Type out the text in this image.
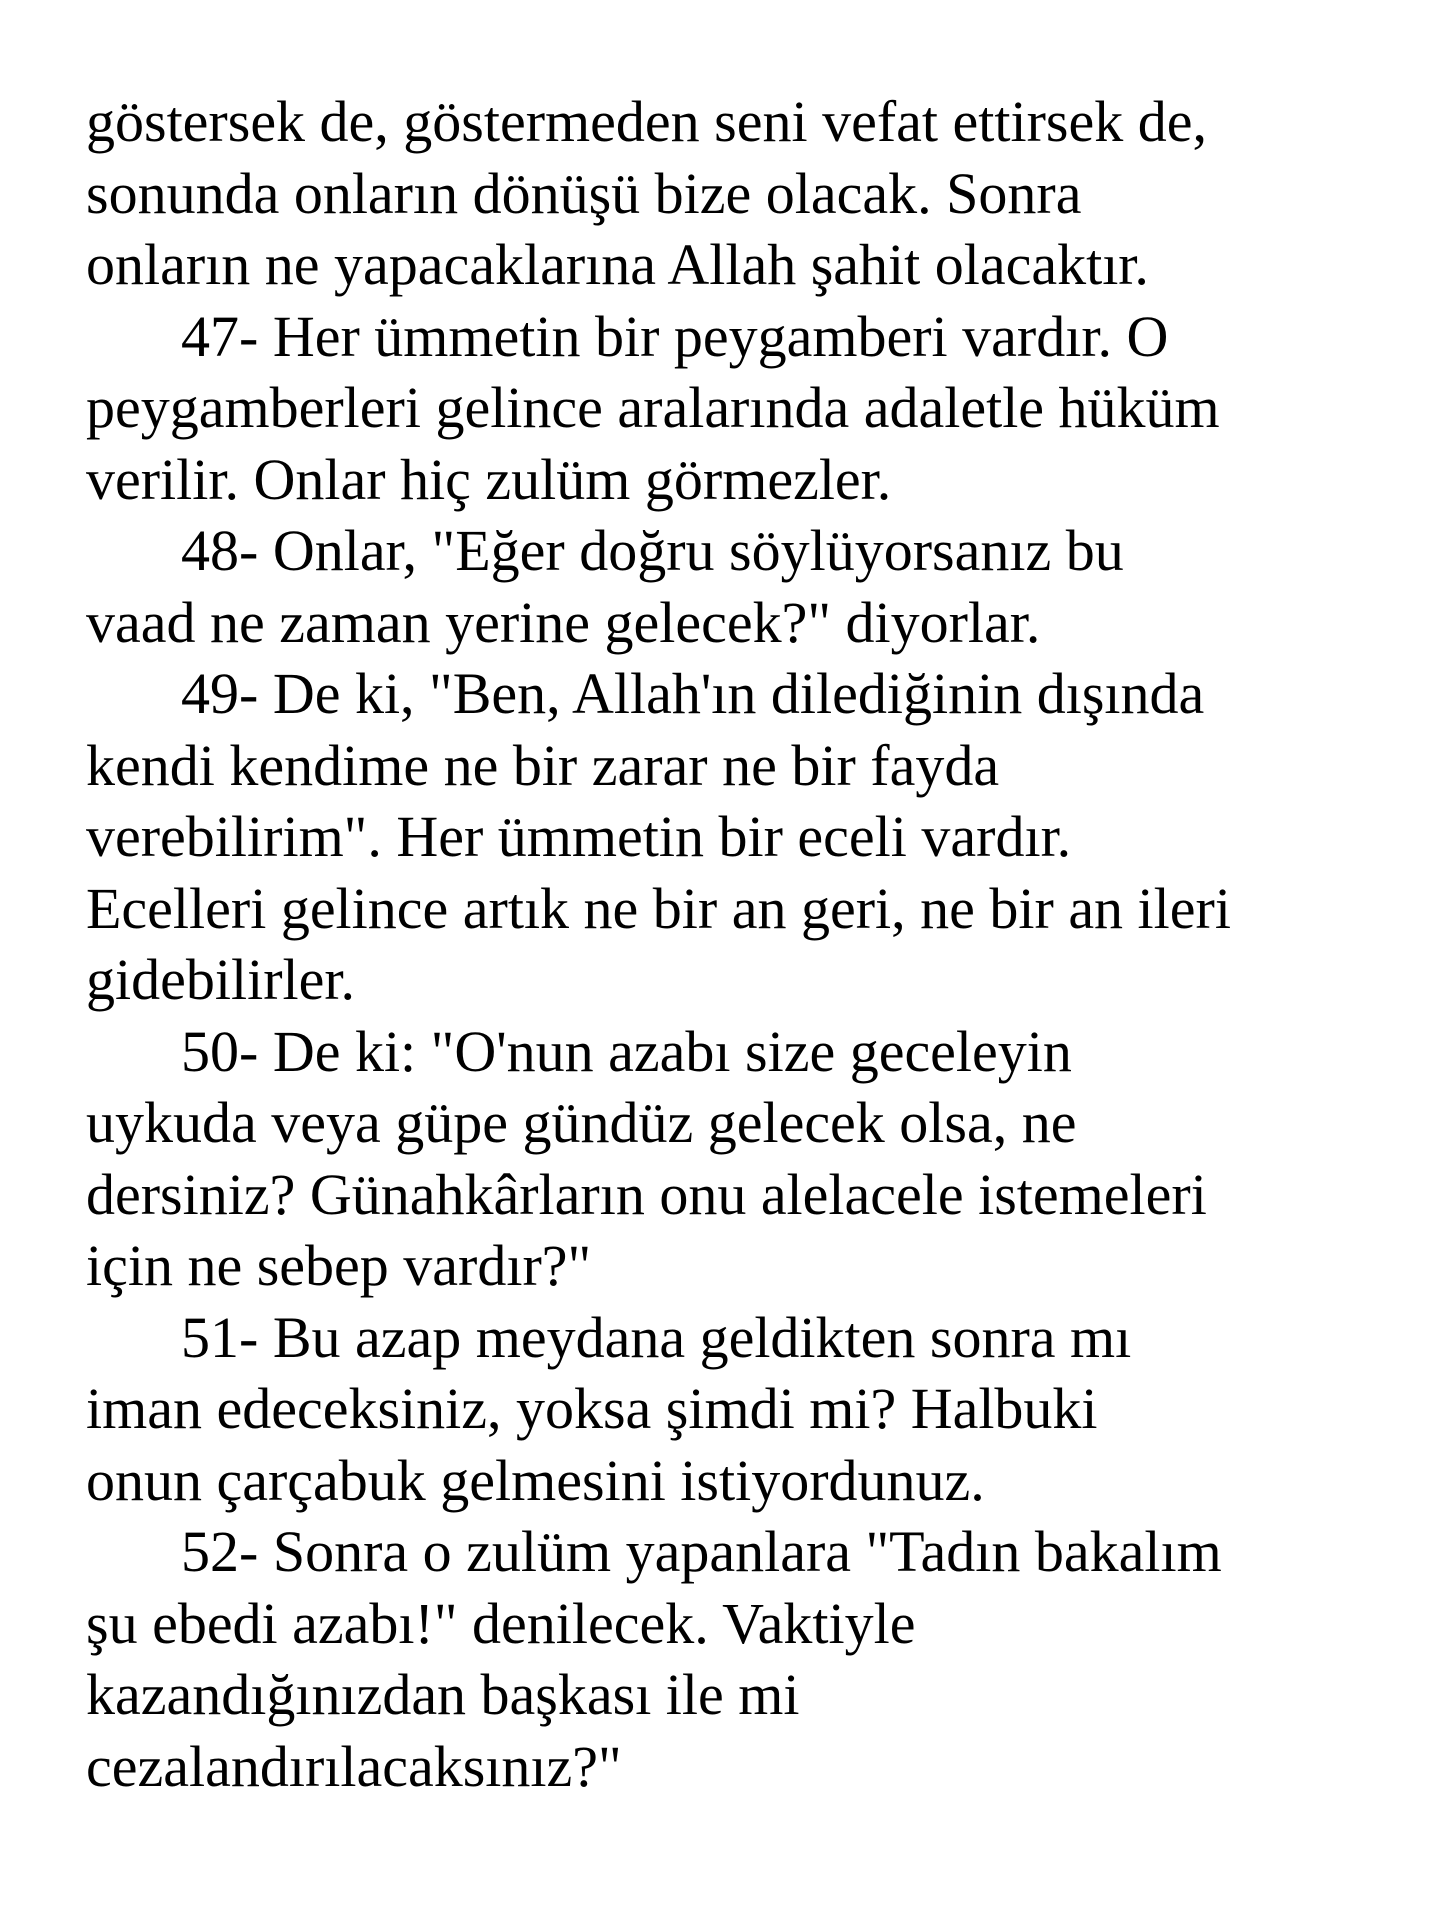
göstersek de, göstermeden seni vefat ettirsek de,
sonunda onların dönüşü bize olacak. Sonra
onların ne yapacaklarına Allah şahit olacaktır.
47- Her ümmetin bir peygamberi vardır. O
peygamberleri gelince aralarında adaletle hüküm
verilir. Onlar hiç zulüm görmezler.
48- Onlar, "Eğer doğru söylüyorsanız bu
vaad ne zaman yerine gelecek?" diyorlar.
49- De ki, "Ben, Allah'ın dilediğinin dışında
kendi kendime ne bir zarar ne bir fayda
verebilirim". Her ümmetin bir eceli vardır.
Ecelleri gelince artık ne bir an geri, ne bir an ileri
gidebilirler.
50- De ki: "O'nun azabı size geceleyin
uykuda veya güpe gündüz gelecek olsa, ne
dersiniz? Günahkârların onu alelacele istemeleri
için ne sebep vardır?"
51- Bu azap meydana geldikten sonra mı
iman edeceksiniz, yoksa şimdi mi? Halbuki
onun çarçabuk gelmesini istiyordunuz.
52- Sonra o zulüm yapanlara "Tadın bakalım
şu ebedi azabı!" denilecek. Vaktiyle
kazandığınızdan başkası ile mi
cezalandırılacaksınız?"
